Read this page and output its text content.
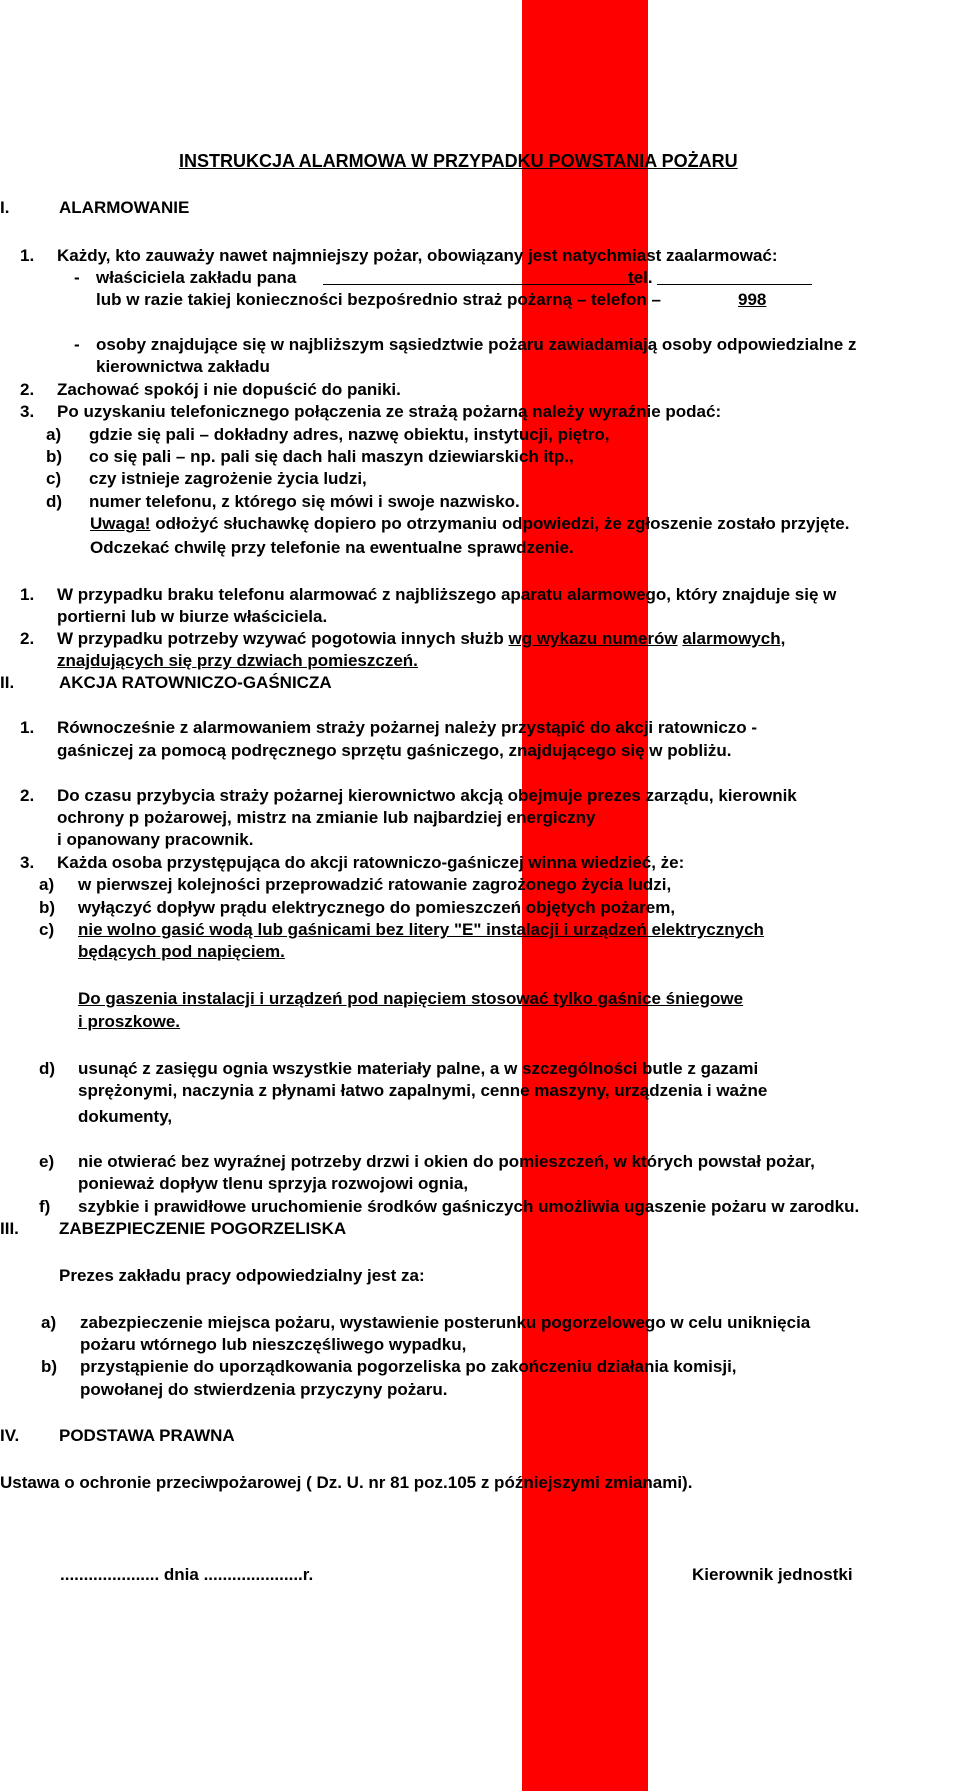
INSTRUKCJA ALARMOWA W PRZYPADKU POWSTANIA POŻARU
I.	ALARMOWANIE
1. Każdy, kto zauważy nawet najmniejszy pożar, obowiązany jest natychmiast zaalarmować:
- właściciela zakładu pana	tel.
lub w razie takiej konieczności bezpośrednio straż pożarną – telefon –	998
- osoby znajdujące się w najbliższym sąsiedztwie pożaru zawiadamiają osoby odpowiedzialne z
kierownictwa zakładu
2. Zachować spokój i nie dopuścić do paniki.
3. Po uzyskaniu telefonicznego połączenia ze strażą pożarną należy wyraźnie podać:
a) gdzie się pali – dokładny adres, nazwę obiektu, instytucji, piętro,
b) co się pali – np. pali się dach hali maszyn dziewiarskich itp.,
c) czy istnieje zagrożenie życia ludzi,
d) numer telefonu, z którego się mówi i swoje nazwisko.
Uwaga! odłożyć słuchawkę dopiero po otrzymaniu odpowiedzi, że zgłoszenie zostało przyjęte.
Odczekać chwilę przy telefonie na ewentualne sprawdzenie.
1. W przypadku braku telefonu alarmować z najbliższego aparatu alarmowego, który znajduje się w
portierni lub w biurze właściciela.
2. W przypadku potrzeby wzywać pogotowia innych służb wg wykazu numerów alarmowych,
znajdujących się przy dzwiach pomieszczeń.
II.	AKCJA RATOWNICZO-GAŚNICZA
1. Równocześnie z alarmowaniem straży pożarnej należy przystąpić do akcji ratowniczo -
gaśniczej za pomocą podręcznego sprzętu gaśniczego, znajdującego się w pobliżu.
2. Do czasu przybycia straży pożarnej kierownictwo akcją obejmuje prezes zarządu, kierownik
ochrony p pożarowej, mistrz na zmianie lub najbardziej energiczny
i opanowany pracownik.
3. Każda osoba przystępująca do akcji ratowniczo-gaśniczej winna wiedzieć, że:
a) w pierwszej kolejności przeprowadzić ratowanie zagrożonego życia ludzi,
b) wyłączyć dopływ prądu elektrycznego do pomieszczeń objętych pożarem,
c) nie wolno gasić wodą lub gaśnicami bez litery "E" instalacji i urządzeń elektrycznych
będących pod napięciem.
Do gaszenia instalacji i urządzeń pod napięciem stosować tylko gaśnice śniegowe
i proszkowe.
d) usunąć z zasięgu ognia wszystkie materiały palne, a w szczególności butle z gazami
sprężonymi, naczynia z płynami łatwo zapalnymi, cenne maszyny, urządzenia i ważne
dokumenty,
e) nie otwierać bez wyraźnej potrzeby drzwi i okien do pomieszczeń, w których powstał pożar,
ponieważ dopływ tlenu sprzyja rozwojowi ognia,
f) szybkie i prawidłowe uruchomienie środków gaśniczych umożliwia ugaszenie pożaru w zarodku.
III. ZABEZPIECZENIE POGORZELISKA
Prezes zakładu pracy odpowiedzialny jest za:
a) zabezpieczenie miejsca pożaru, wystawienie posterunku pogorzelowego w celu uniknięcia
pożaru wtórnego lub nieszczęśliwego wypadku,
b) przystąpienie do uporządkowania pogorzeliska po zakończeniu działania komisji,
powołanej do stwierdzenia przyczyny pożaru.
IV. PODSTAWA PRAWNA
Ustawa o ochronie przeciwpożarowej ( Dz. U. nr 81 poz.105 z późniejszymi zmianami).
..................... dnia .....................r.	Kierownik jednostki
